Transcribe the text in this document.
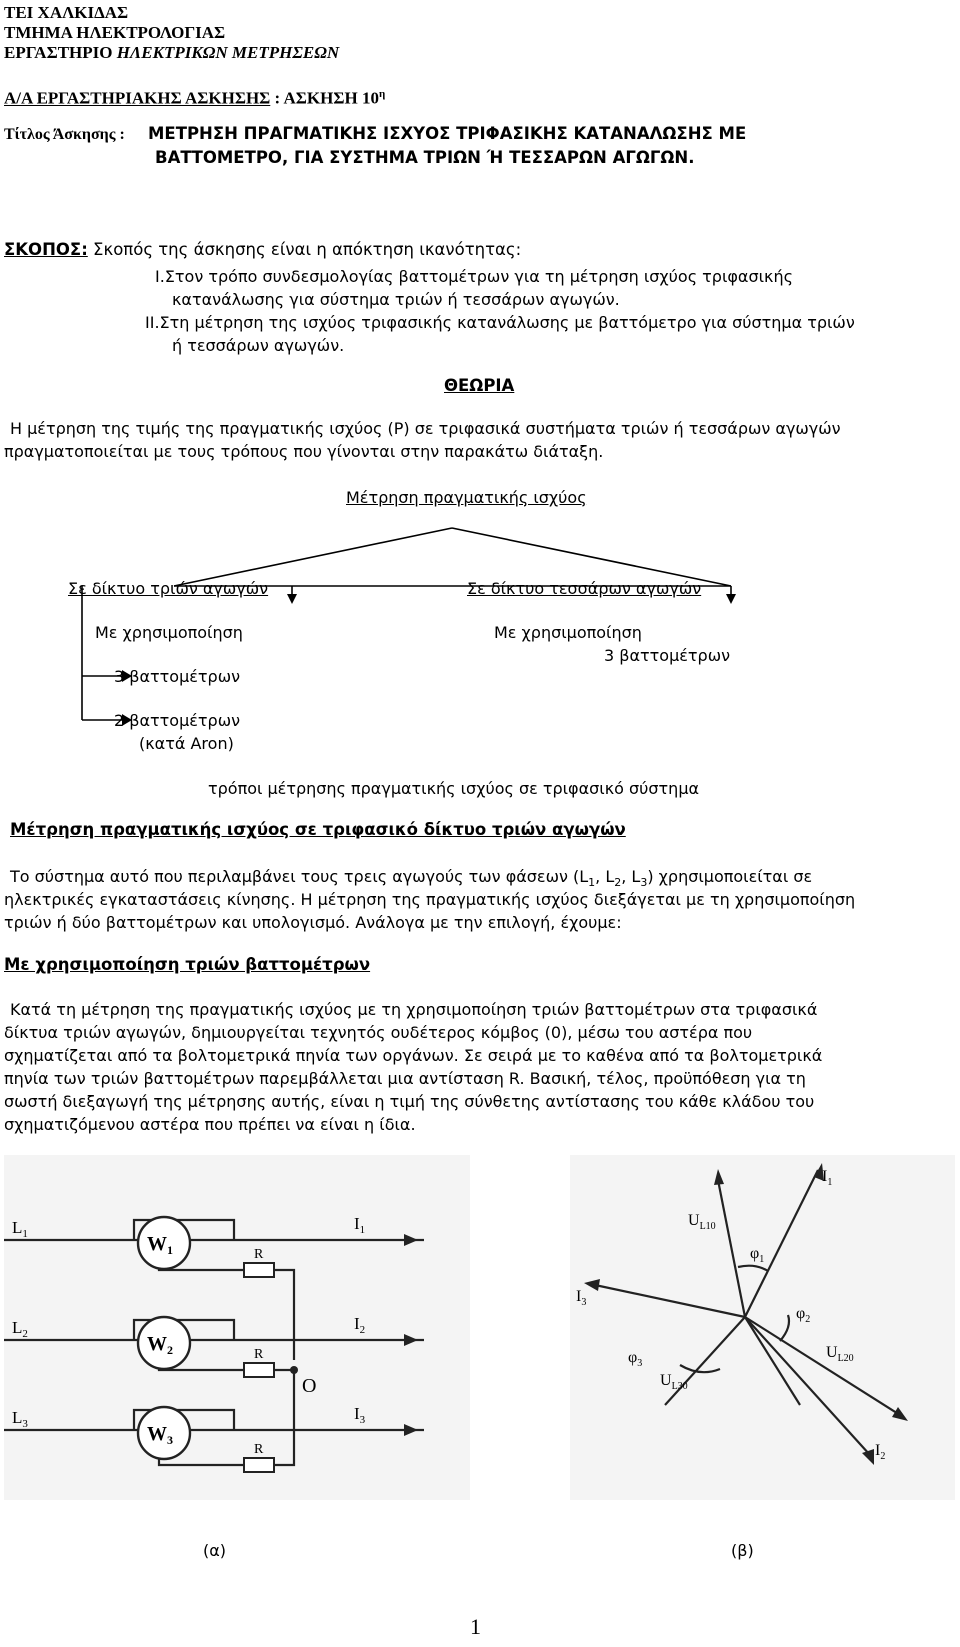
ΤΕΙ ΧΑΛΚΙΔΑΣ
ΤΜΗΜΑ ΗΛΕΚΤΡΟΛΟΓΙΑΣ
ΕΡΓΑΣΤΗΡΙΟ ΗΛΕΚΤΡΙΚΩΝ ΜΕΤΡΗΣΕΩΝ
Α/Α ΕΡΓΑΣΤΗΡΙΑΚΗΣ ΑΣΚΗΣΗΣ : ΑΣΚΗΣΗ $10^\eta$
Τίτλος Άσκησης : ΜΕΤΡΗΣΗ ΠΡΑΓΜΑΤΙΚΗΣ ΙΣΧΥΟΣ ΤΡΙΦΑΣΙΚΗΣ ΚΑΤΑΝΑΛΩΣΗΣ ΜΕ
ΒΑΤΤΟΜΕΤΡΟ, ΓΙΑ ΣΥΣΤΗΜΑ ΤΡΙΩΝ Ή ΤΕΣΣΑΡΩΝ ΑΓΩΓΩΝ.
ΣΚΟΠΟΣ: Σκοπός της άσκησης είναι η απόκτηση ικανότητας:
Ι.Στον τρόπο συνδεσμολογίας βαττομέτρων για τη μέτρηση ισχύος τριφασικής
κατανάλωσης για σύστημα τριών ή τεσσάρων αγωγών.
ΙΙ.Στη μέτρηση της ισχύος τριφασικής κατανάλωσης με βαττόμετρο για σύστημα τριών
ή τεσσάρων αγωγών.
ΘΕΩΡΙΑ
Η μέτρηση της τιμής της πραγματικής ισχύος (Ρ) σε τριφασικά συστήματα τριών ή τεσσάρων αγωγών
πραγματοποιείται με τους τρόπους που γίνονται στην παρακάτω διάταξη.
Μέτρηση πραγματικής ισχύος
Σε δίκτυο τριών αγωγών	Σε δίκτυο τεσσάρων αγωγών
Με χρησιμοποίηση
3 βαττομέτρων
2 βαττομέτρων
(κατά Aron)
Με χρησιμοποίηση
3 βαττομέτρων
τρόποι μέτρησης πραγματικής ισχύος σε τριφασικό σύστημα
Μέτρηση πραγματικής ισχύος σε τριφασικό δίκτυο τριών αγωγών
Το σύστημα αυτό που περιλαμβάνει τους τρεις αγωγούς των φάσεων ($L_1$, $L_2$, $L_3$) χρησιμοποιείται σε
ηλεκτρικές εγκαταστάσεις κίνησης. Η μέτρηση της πραγματικής ισχύος διεξάγεται με τη χρησιμοποίηση
τριών ή δύο βαττομέτρων και υπολογισμό. Ανάλογα με την επιλογή, έχουμε:
Με χρησιμοποίηση τριών βαττομέτρων
Κατά τη μέτρηση της πραγματικής ισχύος με τη χρησιμοποίηση τριών βαττομέτρων στα τριφασικά
δίκτυα τριών αγωγών, δημιουργείται τεχνητός ουδέτερος κόμβος (0), μέσω του αστέρα που
σχηματίζεται από τα βολτομετρικά πηνία των οργάνων. Σε σειρά με το καθένα από τα βολτομετρικά
πηνία των τριών βαττομέτρων παρεμβάλλεται μια αντίσταση R. Βασική, τέλος, προϋπόθεση για τη
σωστή διεξαγωγή της μέτρησης αυτής, είναι η τιμή της σύνθετης αντίστασης του κάθε κλάδου του
σχηματιζόμενου αστέρα που πρέπει να είναι η ίδια.
$L_1$
$L_2$
$L_3$
$W_1$
$W_2$
$W_3$
R
R
R
O
$I_1$
$I_2$
$I_3$
$I_1$
$I_2$
$I_3$
$U_{L10}$
$U_{L20}$
$U_{L30}$
$\varphi_1$
$\varphi_2$
$\varphi_3$
(α)	(β)
1
